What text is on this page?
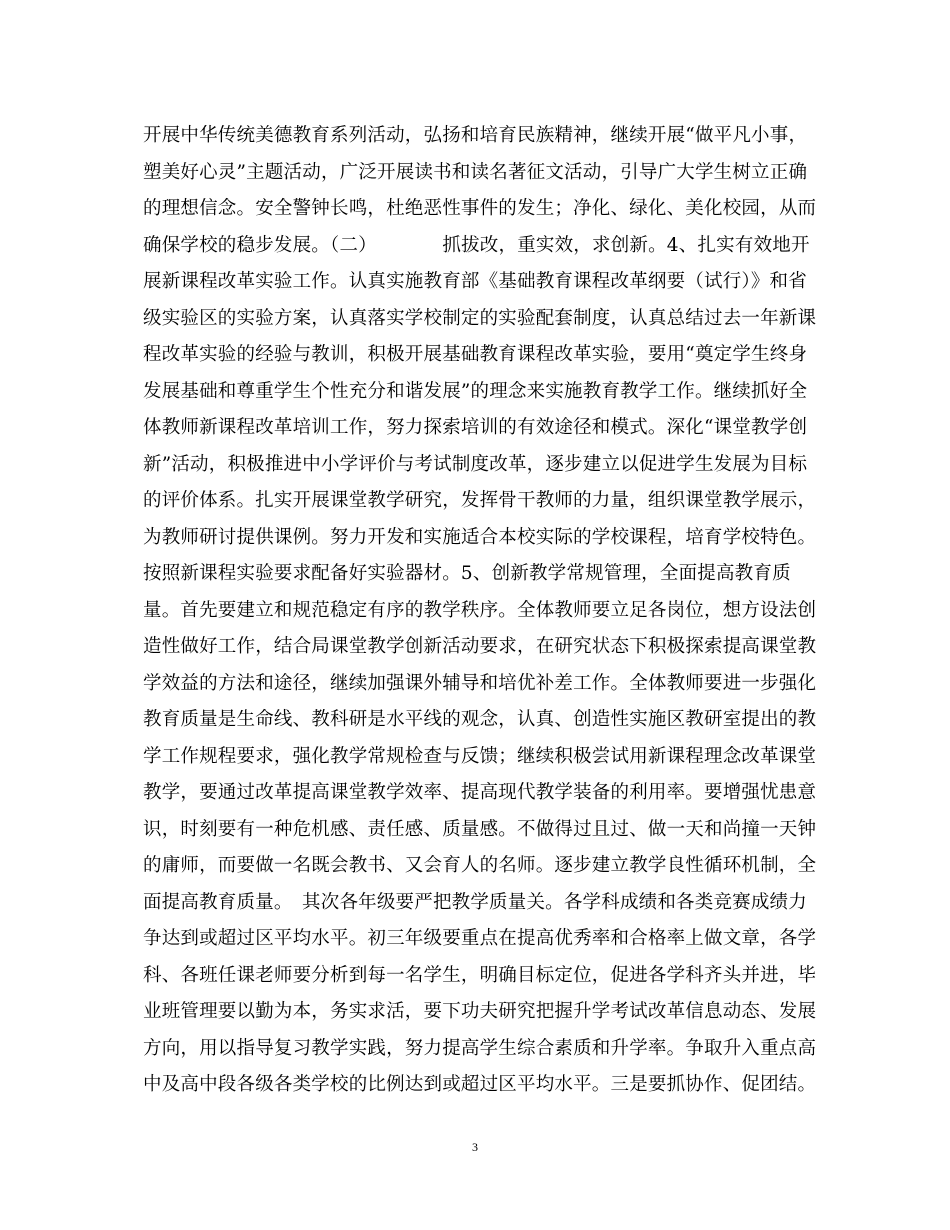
开展中华传统美德教育系列活动，弘扬和培育民族精神，继续开展“做平凡小事，
塑美好心灵”主题活动，广泛开展读书和读名著征文活动，引导广大学生树立正确
的理想信念。安全警钟长鸣，杜绝恶性事件的发生；净化、绿化、美化校园，从而
确保学校的稳步发展。（二）　　　　抓拔改，重实效，求创新。4、扎实有效地开
展新课程改革实验工作。认真实施教育部《基础教育课程改革纲要（试行）》和省
级实验区的实验方案，认真落实学校制定的实验配套制度，认真总结过去一年新课
程改革实验的经验与教训，积极开展基础教育课程改革实验，要用“奠定学生终身
发展基础和尊重学生个性充分和谐发展”的理念来实施教育教学工作。继续抓好全
体教师新课程改革培训工作，努力探索培训的有效途径和模式。深化“课堂教学创
新”活动，积极推进中小学评价与考试制度改革，逐步建立以促进学生发展为目标
的评价体系。扎实开展课堂教学研究，发挥骨干教师的力量，组织课堂教学展示，
为教师研讨提供课例。努力开发和实施适合本校实际的学校课程，培育学校特色。
按照新课程实验要求配备好实验器材。5、创新教学常规管理，全面提高教育质
量。首先要建立和规范稳定有序的教学秩序。全体教师要立足各岗位，想方设法创
造性做好工作，结合局课堂教学创新活动要求，在研究状态下积极探索提高课堂教
学效益的方法和途径，继续加强课外辅导和培优补差工作。全体教师要进一步强化
教育质量是生命线、教科研是水平线的观念，认真、创造性实施区教研室提出的教
学工作规程要求，强化教学常规检查与反馈；继续积极尝试用新课程理念改革课堂
教学，要通过改革提高课堂教学效率、提高现代教学装备的利用率。要增强忧患意
识，时刻要有一种危机感、责任感、质量感。不做得过且过、做一天和尚撞一天钟
的庸师，而要做一名既会教书、又会育人的名师。逐步建立教学良性循环机制，全
面提高教育质量。　其次各年级要严把教学质量关。各学科成绩和各类竞赛成绩力
争达到或超过区平均水平。初三年级要重点在提高优秀率和合格率上做文章，各学
科、各班任课老师要分析到每一名学生，明确目标定位，促进各学科齐头并进，毕
业班管理要以勤为本，务实求活，要下功夫研究把握升学考试改革信息动态、发展
方向，用以指导复习教学实践，努力提高学生综合素质和升学率。争取升入重点高
中及高中段各级各类学校的比例达到或超过区平均水平。三是要抓协作、促团结。
3
